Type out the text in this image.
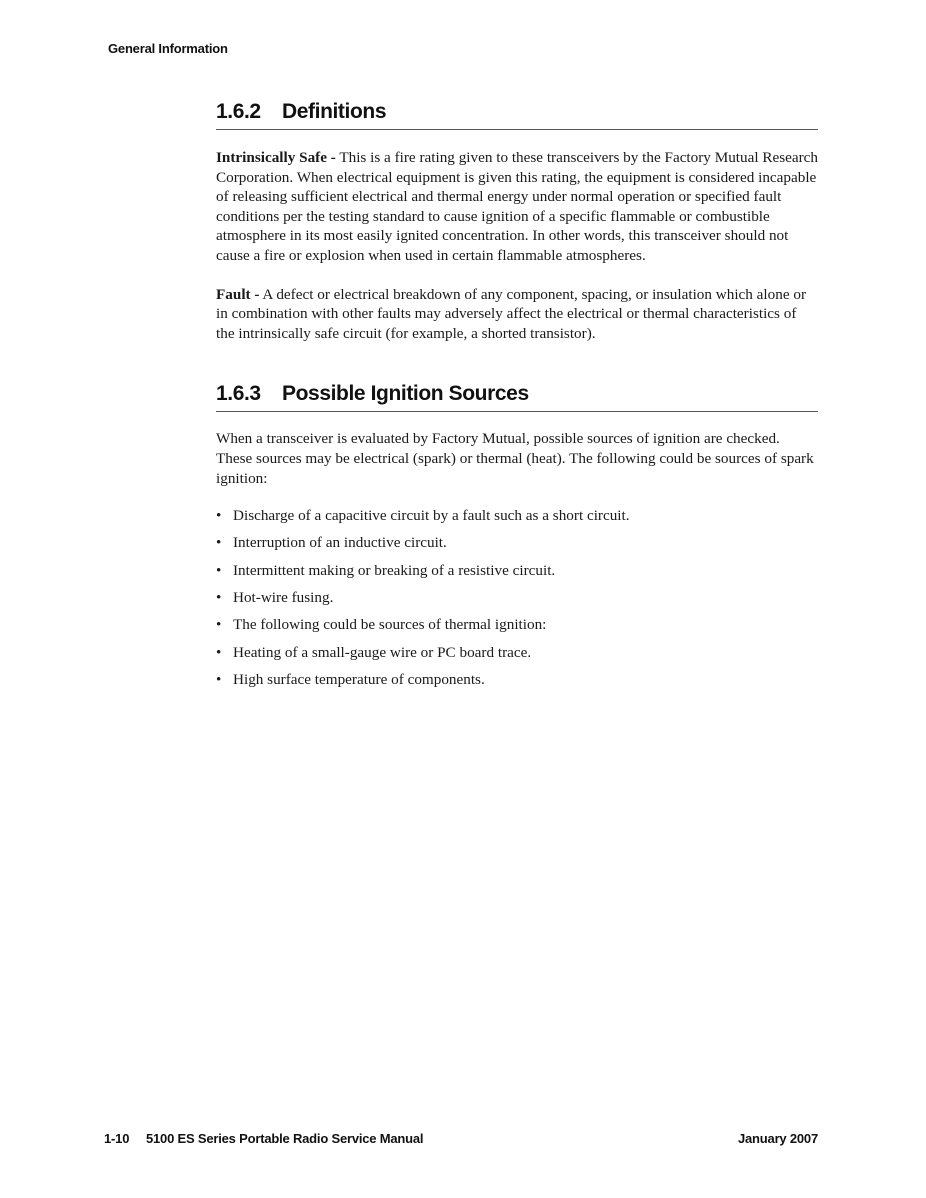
General Information
1.6.2	Definitions

Intrinsically Safe - This is a fire rating given to these transceivers by the Factory Mutual Research Corporation. When electrical equipment is given this rating, the equipment is considered incapable of releasing sufficient electrical and thermal energy under normal operation or specified fault conditions per the testing standard to cause ignition of a specific flammable or combustible atmosphere in its most easily ignited concentration. In other words, this transceiver should not cause a fire or explosion when used in certain flammable atmospheres.

Fault - A defect or electrical breakdown of any component, spacing, or insulation which alone or in combination with other faults may adversely affect the electrical or thermal characteristics of the intrinsically safe circuit (for example, a shorted transistor).

1.6.3	Possible Ignition Sources

When a transceiver is evaluated by Factory Mutual, possible sources of ignition are checked. These sources may be electrical (spark) or thermal (heat). The following could be sources of spark ignition:

• Discharge of a capacitive circuit by a fault such as a short circuit.
• Interruption of an inductive circuit.
• Intermittent making or breaking of a resistive circuit.
• Hot-wire fusing.
• The following could be sources of thermal ignition:
• Heating of a small-gauge wire or PC board trace.
• High surface temperature of components.
1-10	5100 ES Series Portable Radio Service Manual	January 2007
